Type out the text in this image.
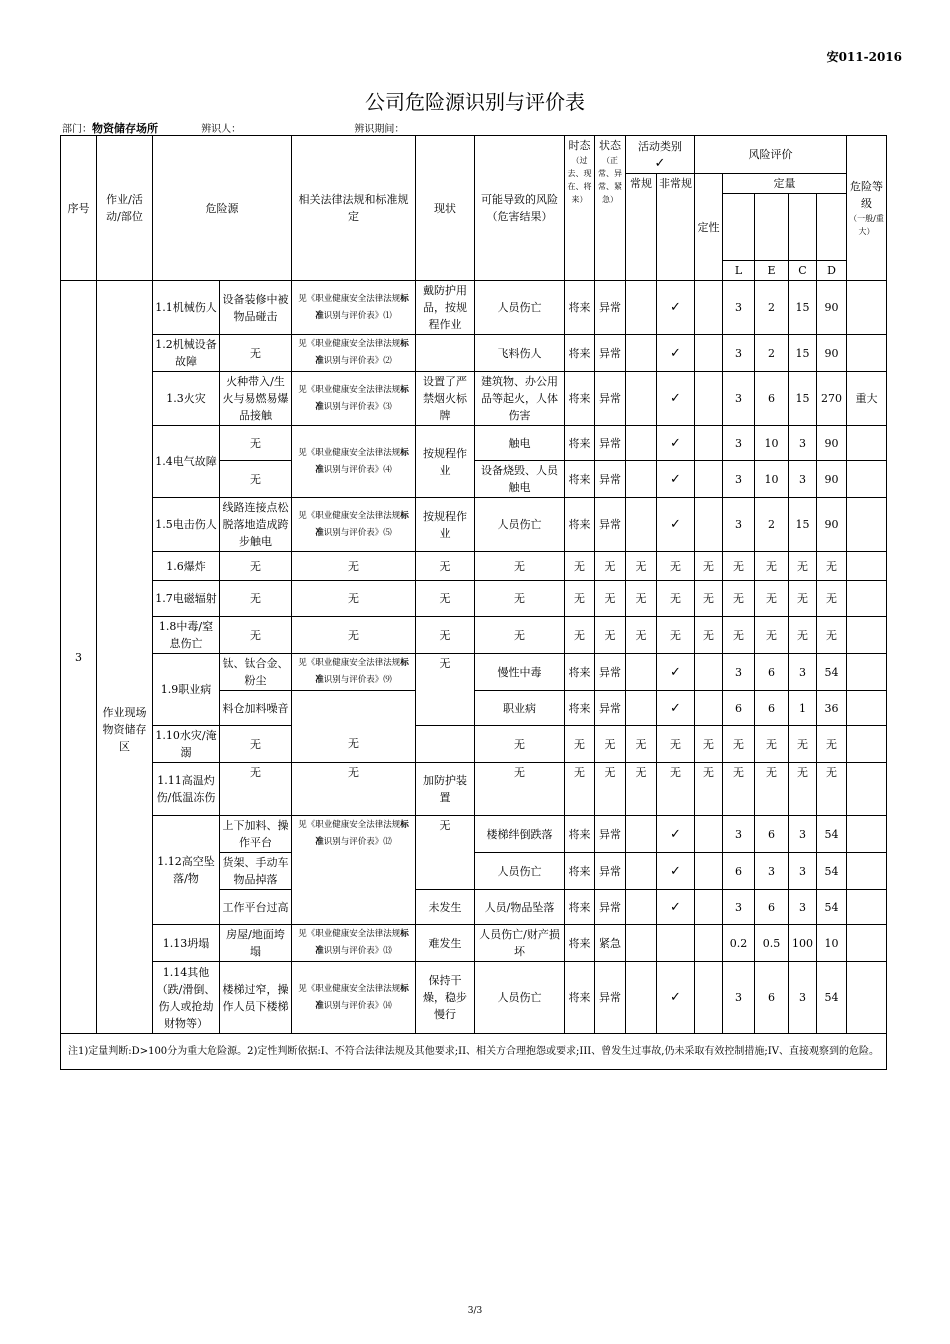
安011-2016
公司危险源识别与评价表
部门：物资储存场所	辨识人：	辨识期间：
序号	作业/活动/部位	危险源		相关法律法规和标准规定	现状	可能导致的风险（危害结果）	时态
（过去、现在、将来）	状态
（正常、异常、紧急）	活动类别
✓		风险评价					危险等级
（一般/重大）

									常规	非常规	定性	定量				

												L	E	C	D	
3		1.1机械伤人	设备装修中被物品碰击	见《职业健康安全法律法规标准识别与评价表》⑴	戴防护用品，按规程作业	人员伤亡	将来	异常		✓		3	2	15	90	
		1.2机械设备故障	无	见《职业健康安全法律法规标准识别与评价表》⑵		飞料伤人	将来	异常		✓		3	2	15	90	
		1.3火灾	火种带入/生火与易燃易爆品接触	见《职业健康安全法律法规标准识别与评价表》⑶	设置了严禁烟火标牌	建筑物、办公用品等起火，人体伤害	将来	异常		✓		3	6	15	270	重大
	作业现场物资储存区	1.4电气故障	无	见《职业健康安全法律法规标准识别与评价表》⑷	按规程作业	触电	将来	异常		✓		3	10	3	90	
			无			设备烧毁、人员触电	将来	异常		✓		3	10	3	90	
		1.5电击伤人	线路连接点松脱落地造成跨步触电	见《职业健康安全法律法规标准识别与评价表》⑸	按规程作业	人员伤亡	将来	异常		✓		3	2	15	90	
		1.6爆炸	无	无	无	无	无	无	无	无	无	无	无	无	无	
		1.7电磁辐射	无	无	无	无	无	无	无	无	无	无	无	无	无	
		1.8中毒/窒息伤亡	无	无	无	无	无	无	无	无	无	无	无	无	无	
		1.9职业病	钛、钛合金、粉尘	见《职业健康安全法律法规标准识别与评价表》⑼	无	慢性中毒	将来	异常		✓		3	6	3	54	
			料仓加料噪音			职业病	将来	异常		✓		6	6	1	36	
		1.10水灾/淹溺	无	无		无	无	无	无	无	无	无	无	无	无	
		1.11高温灼伤/低温冻伤	无	无	加防护装置	无	无	无	无	无	无	无	无	无	无	
		1.12高空坠落/物	上下加料、操作平台	见《职业健康安全法律法规标准识别与评价表》⑿	无	楼梯绊倒跌落	将来	异常		✓		3	6	3	54	
			货架、手动车物品掉落			人员伤亡	将来	异常		✓		6	3	3	54	
			工作平台过高		未发生	人员/物品坠落	将来	异常		✓		3	6	3	54	
		1.13坍塌	房屋/地面垮塌	见《职业健康安全法律法规标准识别与评价表》⒀	难发生	人员伤亡/财产损坏	将来	紧急				0.2	0.5	100	10	
		1.14其他（跌/滑倒、伤人或抢劫财物等）	楼梯过窄，操作人员下楼梯	见《职业健康安全法律法规标准识别与评价表》⒁	保持干燥，稳步慢行	人员伤亡	将来	异常		✓		3	6	3	54	
注1)定量判断:D>100分为重大危险源。2)定性判断依据:I、不符合法律法规及其他要求;II、相关方合理抱怨或要求;III、曾发生过事故,仍未采取有效控制措施;IV、直接观察到的危险。																
3/3
